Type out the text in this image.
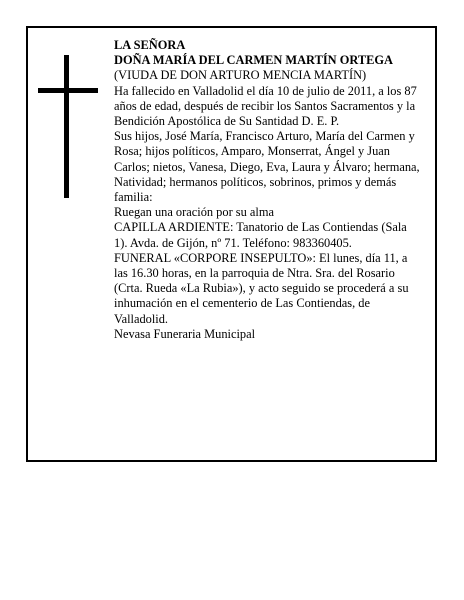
LA SEÑORA

DOÑA MARÍA DEL CARMEN MARTÍN ORTEGA

(VIUDA DE DON ARTURO MENCIA MARTÍN)

Ha fallecido en Valladolid el día 10 de julio de 2011, a los 87 años de edad, después de recibir los Santos Sacramentos y la Bendición Apostólica de Su Santidad D. E. P.

Sus hijos, José María, Francisco Arturo, María del Carmen y Rosa; hijos políticos, Amparo, Monserrat, Ángel y Juan Carlos; nietos, Vanesa, Diego, Eva, Laura y Álvaro; hermana, Natividad; hermanos políticos, sobrinos, primos y demás familia:

Ruegan una oración por su alma

CAPILLA ARDIENTE: Tanatorio de Las Contiendas (Sala 1). Avda. de Gijón, nº 71. Teléfono: 983360405.

FUNERAL «CORPORE INSEPULTO»: El lunes, día 11, a las 16.30 horas, en la parroquia de Ntra. Sra. del Rosario (Crta. Rueda «La Rubia»), y acto seguido se procederá a su inhumación en el cementerio de Las Contiendas, de Valladolid.

Nevasa Funeraria Municipal
